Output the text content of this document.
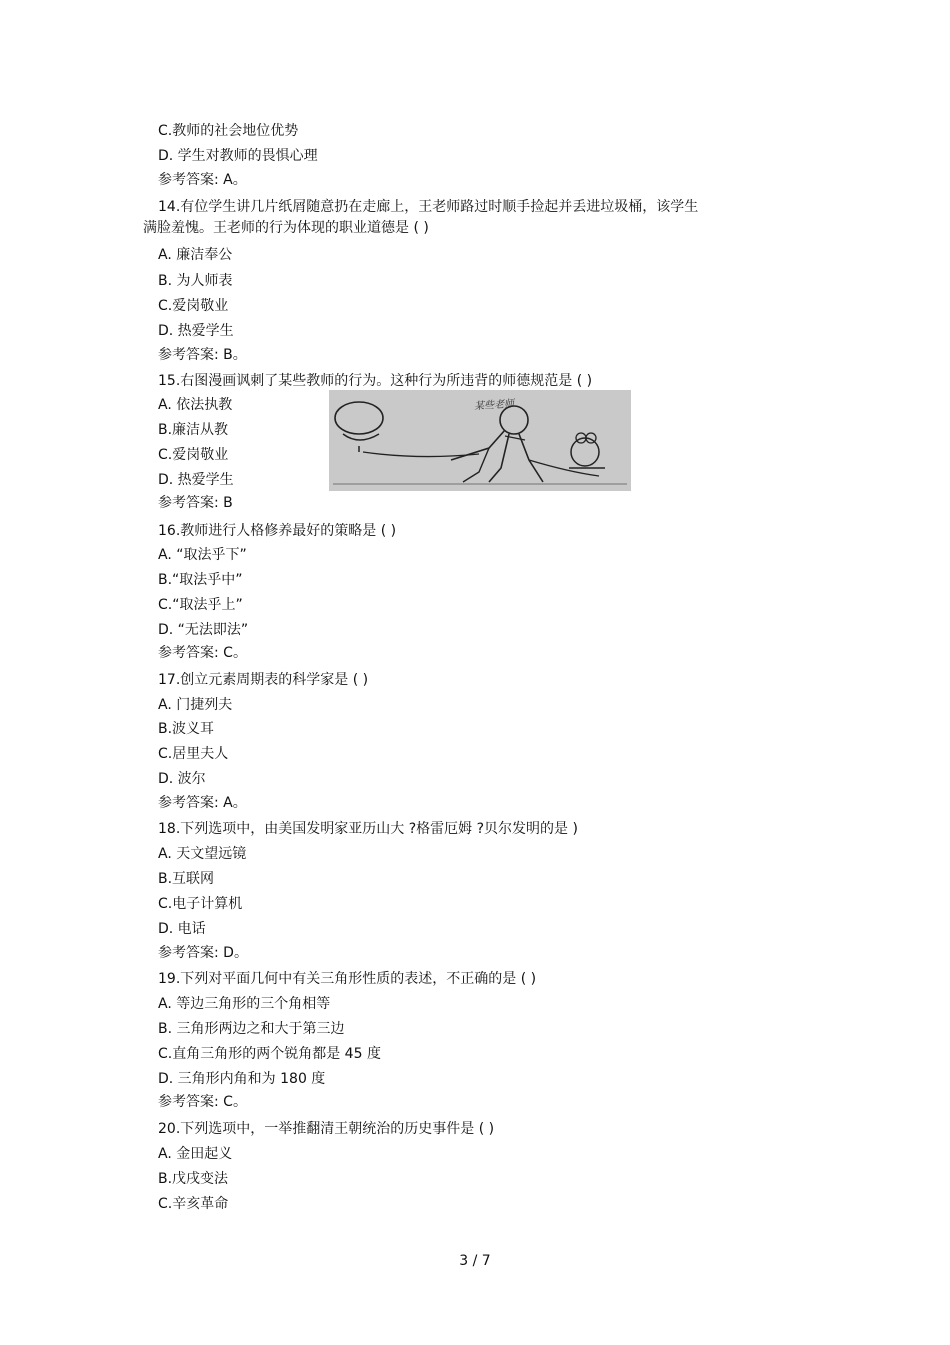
C.教师的社会地位优势
D. 学生对教师的畏惧心理
参考答案: A。
14.有位学生讲几片纸屑随意扔在走廊上，王老师路过时顺手捡起并丢进垃圾桶，该学生
满脸羞愧。王老师的行为体现的职业道德是 ( )
A. 廉洁奉公
B. 为人师表
C.爱岗敬业
D. 热爱学生
参考答案: B。
15.右图漫画讽刺了某些教师的行为。这种行为所违背的师德规范是 ( )
A. 依法执教
B.廉洁从教
C.爱岗敬业
D. 热爱学生
参考答案: B
某些老师
16.教师进行人格修养最好的策略是 ( )
A. “取法乎下”
B.“取法乎中”
C.“取法乎上”
D. “无法即法”
参考答案: C。
17.创立元素周期表的科学家是 ( )
A. 门捷列夫
B.波义耳
C.居里夫人
D. 波尔
参考答案: A。
18.下列选项中，由美国发明家亚历山大 ?格雷厄姆 ?贝尔发明的是 )
A. 天文望远镜
B.互联网
C.电子计算机
D. 电话
参考答案: D。
19.下列对平面几何中有关三角形性质的表述，不正确的是 ( )
A. 等边三角形的三个角相等
B. 三角形两边之和大于第三边
C.直角三角形的两个锐角都是 45 度
D. 三角形内角和为 180 度
参考答案: C。
20.下列选项中，一举推翻清王朝统治的历史事件是 ( )
A. 金田起义
B.戊戌变法
C.辛亥革命
3 / 7
